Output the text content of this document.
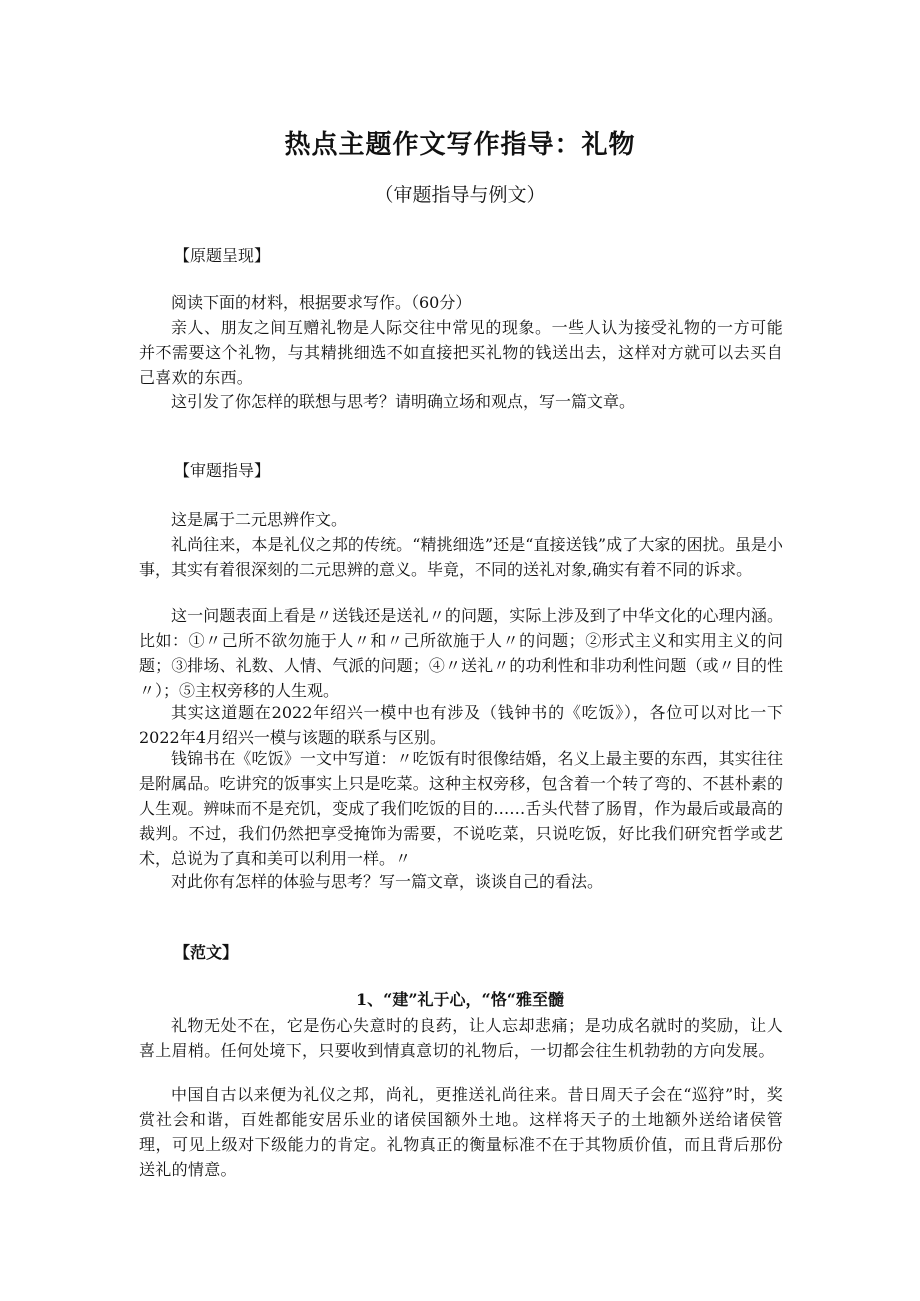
热点主题作文写作指导：礼物
（审题指导与例文）
【原题呈现】

阅读下面的材料，根据要求写作。（60分）

亲人、朋友之间互赠礼物是人际交往中常见的现象。一些人认为接受礼物的一方可能并不需要这个礼物，与其精挑细选不如直接把买礼物的钱送出去，这样对方就可以去买自己喜欢的东西。

这引发了你怎样的联想与思考？请明确立场和观点，写一篇文章。

【审题指导】

这是属于二元思辨作文。

礼尚往来，本是礼仪之邦的传统。“精挑细选”还是“直接送钱”成了大家的困扰。虽是小事，其实有着很深刻的二元思辨的意义。毕竟，不同的送礼对象,确实有着不同的诉求。

这一问题表面上看是〃送钱还是送礼〃的问题，实际上涉及到了中华文化的心理内涵。比如：①〃己所不欲勿施于人〃和〃己所欲施于人〃的问题；②形式主义和实用主义的问题；③排场、礼数、人情、气派的问题；④〃送礼〃的功利性和非功利性问题（或〃目的性〃）；⑤主权旁移的人生观。

其实这道题在2022年绍兴一模中也有涉及（钱钟书的《吃饭》），各位可以对比一下2022年4月绍兴一模与该题的联系与区别。

钱锦书在《吃饭》一文中写道：〃吃饭有时很像结婚，名义上最主要的东西，其实往往是附属品。吃讲究的饭事实上只是吃菜。这种主权旁移，包含着一个转了弯的、不甚朴素的人生观。辨味而不是充饥，变成了我们吃饭的目的……舌头代替了肠胃，作为最后或最高的裁判。不过，我们仍然把享受掩饰为需要，不说吃菜，只说吃饭，好比我们研究哲学或艺术，总说为了真和美可以利用一样。〃

对此你有怎样的体验与思考？写一篇文章，谈谈自己的看法。

【范文】
1、“建”礼于心，“恪“雅至髓

礼物无处不在，它是伤心失意时的良药，让人忘却悲痛；是功成名就时的奖励，让人喜上眉梢。任何处境下，只要收到情真意切的礼物后，一切都会往生机勃勃的方向发展。

中国自古以来便为礼仪之邦，尚礼，更推送礼尚往来。昔日周天子会在“巡狩”时，奖赏社会和谐，百姓都能安居乐业的诸侯国额外土地。这样将天子的土地额外送给诸侯管理，可见上级对下级能力的肯定。礼物真正的衡量标准不在于其物质价值，而且背后那份送礼的情意。
